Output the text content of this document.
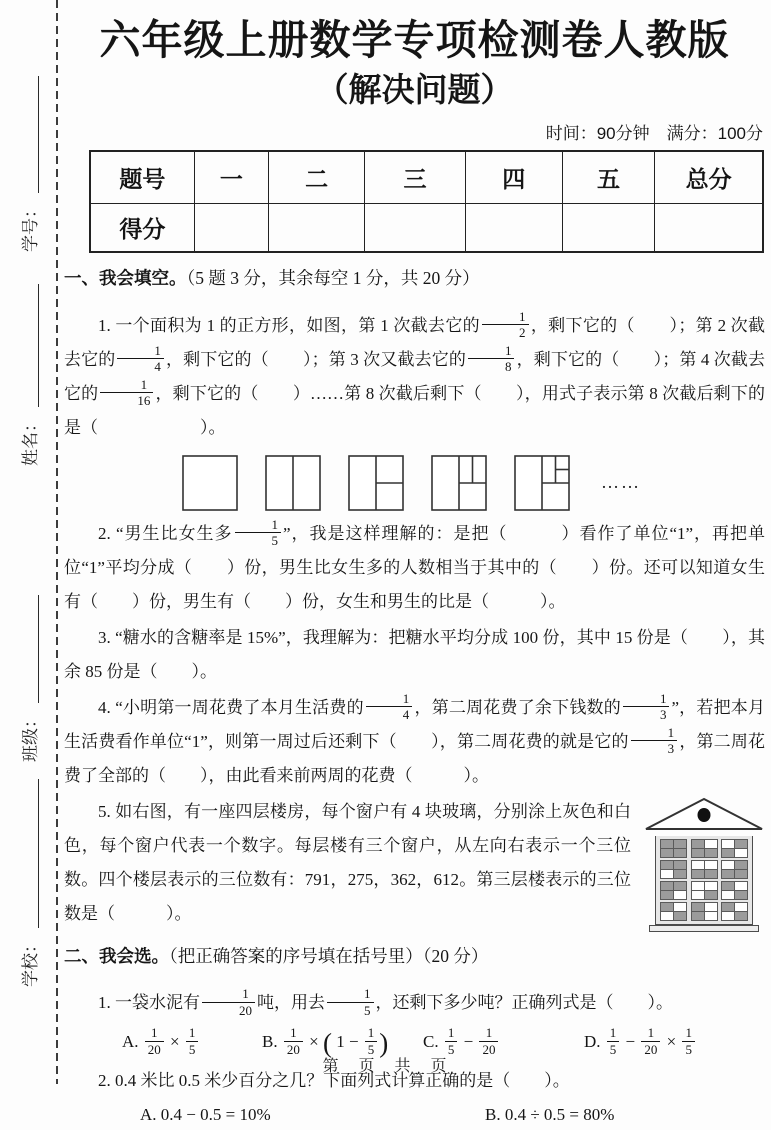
学号：
姓名：
班级：
学校：
六年级上册数学专项检测卷人教版
（解决问题）
时间：90分钟　满分：100分
题号	一	二	三	四	五	总分
得分						

一、我会填空。（5 题 3 分，其余每空 1 分，共 20 分）

1. 一个面积为 1 的正方形，如图，第 1 次截去它的 $\frac{1}{2}$ ，剩下它的（　　）；第 2 次截去它的 $\frac{1}{4}$ ，剩下它的（　　）；第 3 次又截去它的 $\frac{1}{8}$ ，剩下它的（　　）；第 4 次截去它的 $\frac{1}{16}$ ，剩下它的（　　）……第 8 次截后剩下（　　），用式子表示第 8 次截后剩下的是（　　　　　　）。

……

2. “男生比女生多 $\frac{1}{5}$ ”，我是这样理解的：是把（　　　）看作了单位“1”，再把单位“1”平均分成（　　）份，男生比女生多的人数相当于其中的（　　）份。还可以知道女生有（　　）份，男生有（　　）份，女生和男生的比是（　　　）。

3. “糖水的含糖率是 15%”，我理解为：把糖水平均分成 100 份，其中 15 份是（　　），其余 85 份是（　　）。

4. “小明第一周花费了本月生活费的 $\frac{1}{4}$ ，第二周花费了余下钱数的 $\frac{1}{3}$ ”，若把本月生活费看作单位“1”，则第一周过后还剩下（　　），第二周花费的就是它的 $\frac{1}{3}$ ，第二周花费了全部的（　　），由此看来前两周的花费（　　　）。

5. 如右图，有一座四层楼房，每个窗户有 4 块玻璃，分别涂上灰色和白色，每个窗户代表一个数字。每层楼有三个窗户，从左向右表示一个三位数。四个楼层表示的三位数有：791，275，362，612。第三层楼表示的三位数是（　　　）。

二、我会选。（把正确答案的序号填在括号里）（20 分）

1. 一袋水泥有 $\frac{1}{20}$ 吨，用去 $\frac{1}{5}$ ，还剩下多少吨？正确列式是（　　）。

A. $\frac{1}{20} \times \frac{1}{5}$	B. $\frac{1}{20}$ × ( $1 - \frac{1}{5}$ )	C. $\frac{1}{5} - \frac{1}{20}$	D. $\frac{1}{5} - \frac{1}{20} \times \frac{1}{5}$

2. 0.4 米比 0.5 米少百分之几？下面列式计算正确的是（　　）。

A. 0.4 − 0.5 = 10%	B. 0.4 ÷ 0.5 = 80%
第　页　共　页
